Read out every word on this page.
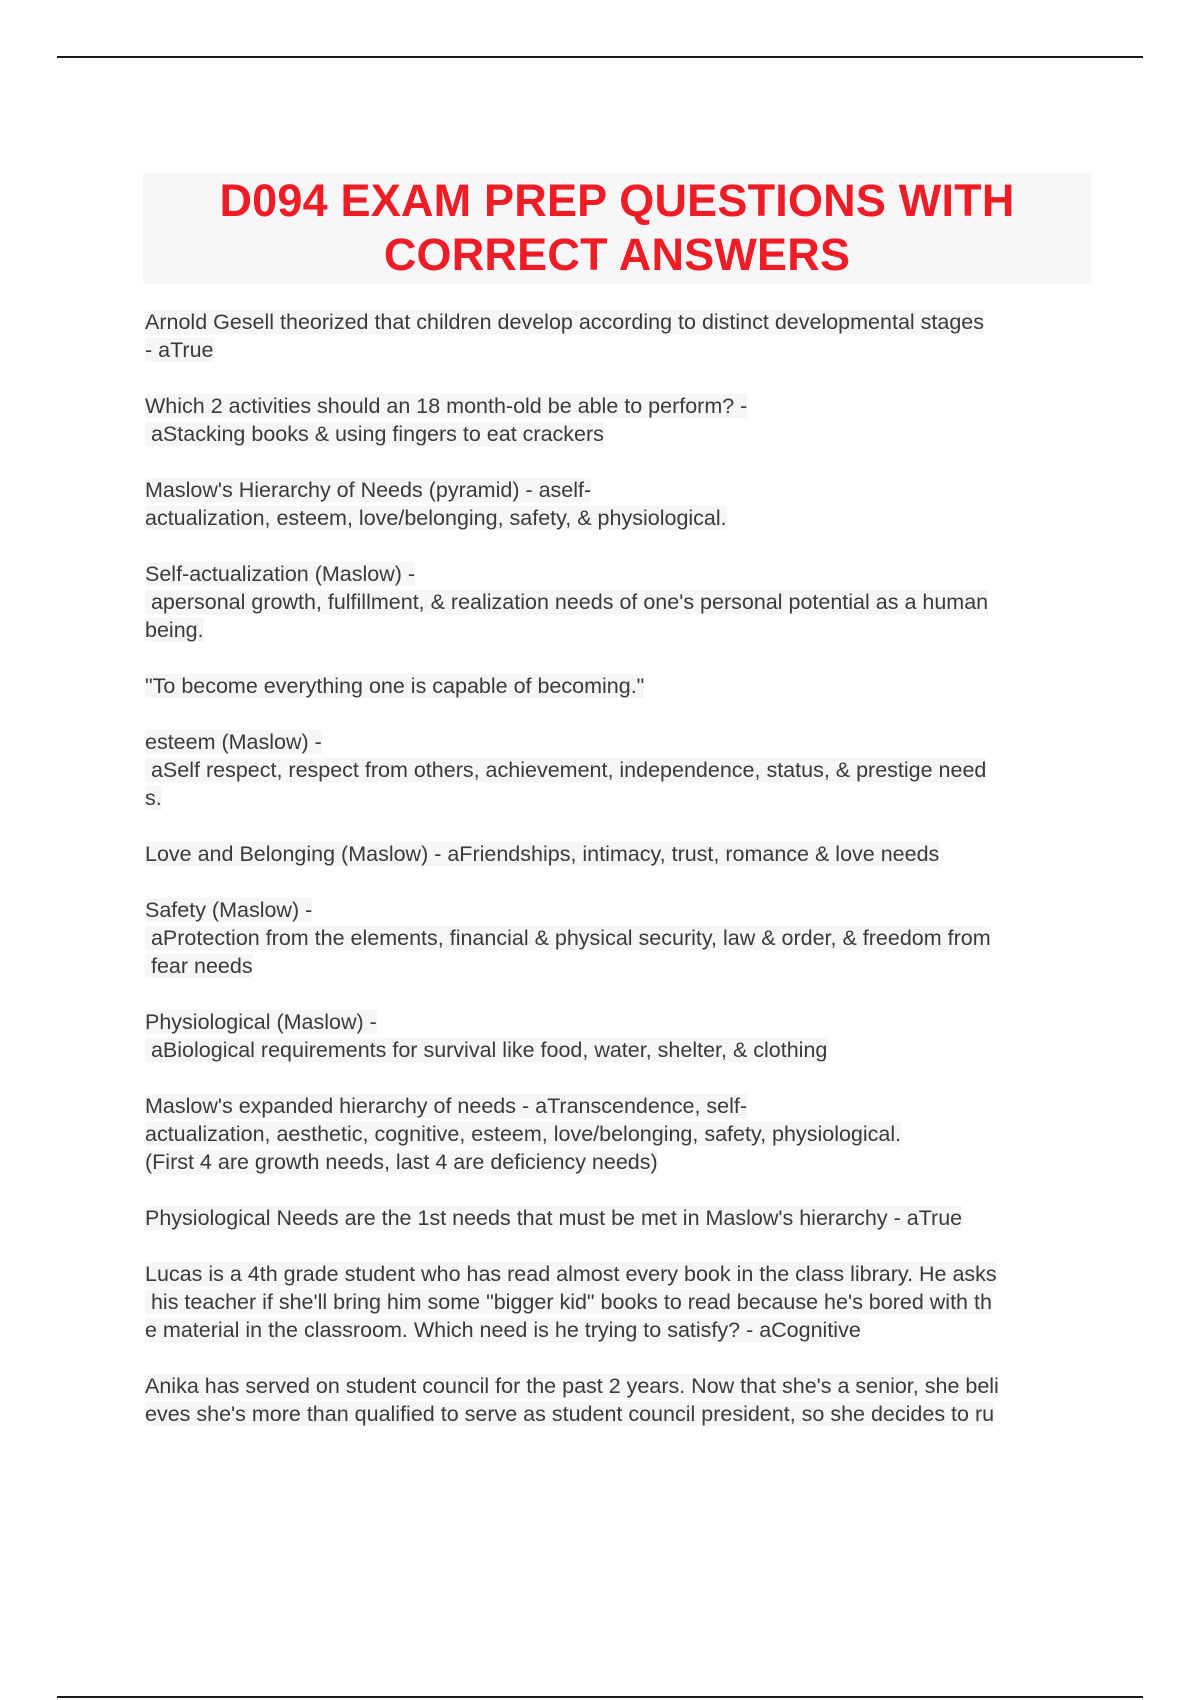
D094 EXAM PREP QUESTIONS WITH
CORRECT ANSWERS
Arnold Gesell theorized that children develop according to distinct developmental stages
- aTrue
Which 2 activities should an 18 month-old be able to perform? -
aStacking books & using fingers to eat crackers
Maslow's Hierarchy of Needs (pyramid) - aself-
actualization, esteem, love/belonging, safety, & physiological.
Self-actualization (Maslow) -
apersonal growth, fulfillment, & realization needs of one's personal potential as a human
being.
"To become everything one is capable of becoming."
esteem (Maslow) -
aSelf respect, respect from others, achievement, independence, status, & prestige need
s.
Love and Belonging (Maslow) - aFriendships, intimacy, trust, romance & love needs
Safety (Maslow) -
aProtection from the elements, financial & physical security, law & order, & freedom from
fear needs
Physiological (Maslow) -
aBiological requirements for survival like food, water, shelter, & clothing
Maslow's expanded hierarchy of needs - aTranscendence, self-
actualization, aesthetic, cognitive, esteem, love/belonging, safety, physiological.
(First 4 are growth needs, last 4 are deficiency needs)
Physiological Needs are the 1st needs that must be met in Maslow's hierarchy - aTrue
Lucas is a 4th grade student who has read almost every book in the class library. He asks
his teacher if she'll bring him some "bigger kid" books to read because he's bored with th
e material in the classroom. Which need is he trying to satisfy? - aCognitive
Anika has served on student council for the past 2 years. Now that she's a senior, she beli
eves she's more than qualified to serve as student council president, so she decides to ru
